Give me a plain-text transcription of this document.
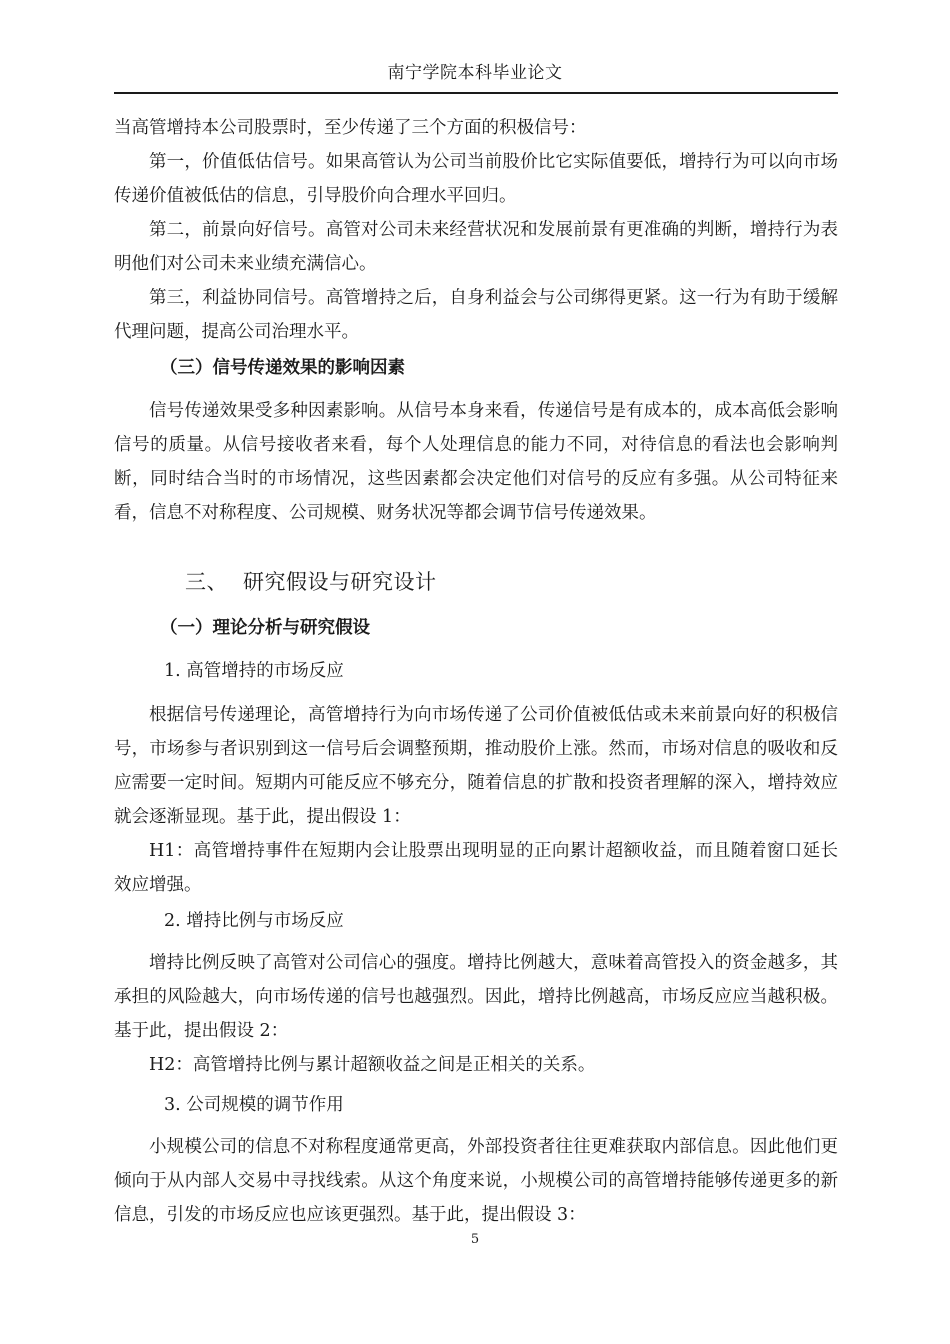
南宁学院本科毕业论文

当高管增持本公司股票时，至少传递了三个方面的积极信号：

第一，价值低估信号。如果高管认为公司当前股价比它实际值要低，增持行为可以向市场传递价值被低估的信息，引导股价向合理水平回归。

第二，前景向好信号。高管对公司未来经营状况和发展前景有更准确的判断，增持行为表明他们对公司未来业绩充满信心。

第三，利益协同信号。高管增持之后，自身利益会与公司绑得更紧。这一行为有助于缓解代理问题，提高公司治理水平。

（三）信号传递效果的影响因素

信号传递效果受多种因素影响。从信号本身来看，传递信号是有成本的，成本高低会影响信号的质量。从信号接收者来看，每个人处理信息的能力不同，对待信息的看法也会影响判断，同时结合当时的市场情况，这些因素都会决定他们对信号的反应有多强。从公司特征来看，信息不对称程度、公司规模、财务状况等都会调节信号传递效果。

三、 研究假设与研究设计
（一）理论分析与研究假设
1. 高管增持的市场反应

根据信号传递理论，高管增持行为向市场传递了公司价值被低估或未来前景向好的积极信号，市场参与者识别到这一信号后会调整预期，推动股价上涨。然而，市场对信息的吸收和反应需要一定时间。短期内可能反应不够充分，随着信息的扩散和投资者理解的深入，增持效应就会逐渐显现。基于此，提出假设 1：

H1：高管增持事件在短期内会让股票出现明显的正向累计超额收益，而且随着窗口延长效应增强。

2. 增持比例与市场反应

增持比例反映了高管对公司信心的强度。增持比例越大，意味着高管投入的资金越多，其承担的风险越大，向市场传递的信号也越强烈。因此，增持比例越高，市场反应应当越积极。基于此，提出假设 2：

H2：高管增持比例与累计超额收益之间是正相关的关系。

3. 公司规模的调节作用

小规模公司的信息不对称程度通常更高，外部投资者往往更难获取内部信息。因此他们更倾向于从内部人交易中寻找线索。从这个角度来说，小规模公司的高管增持能够传递更多的新信息，引发的市场反应也应该更强烈。基于此，提出假设 3：

5
